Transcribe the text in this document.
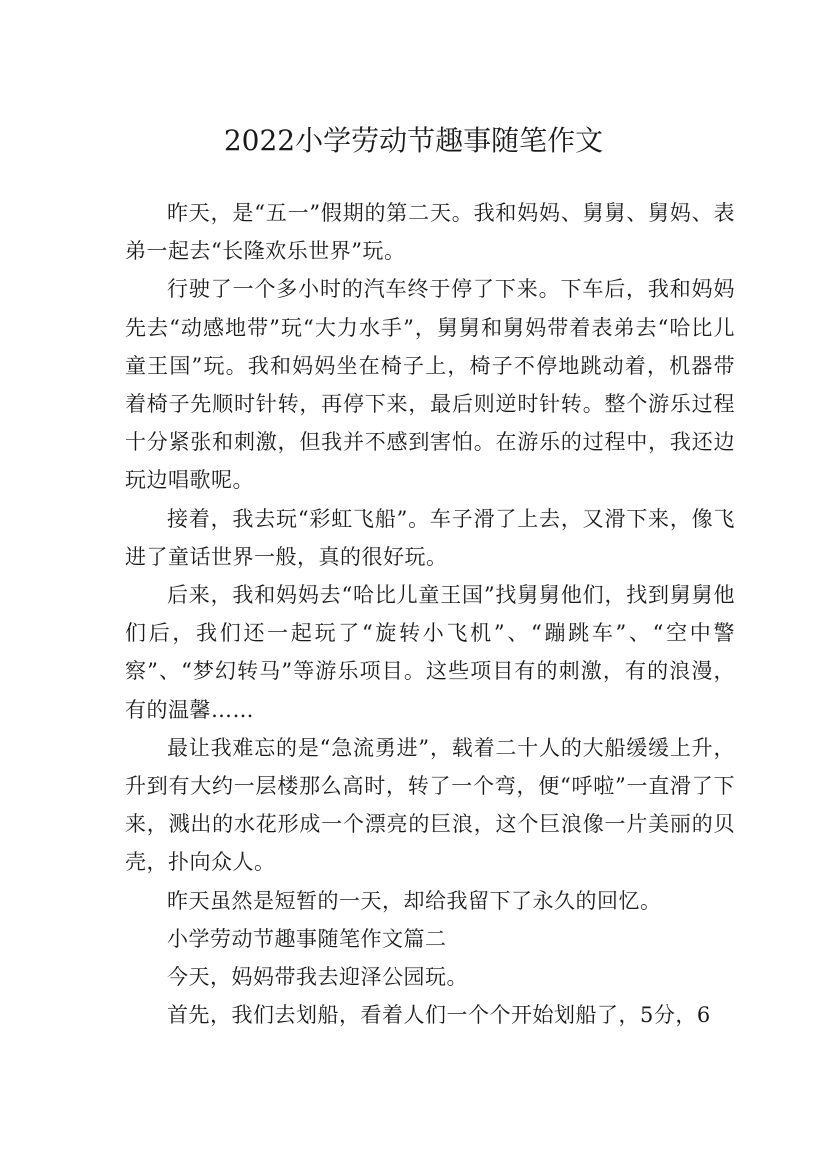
2022小学劳动节趣事随笔作文

昨天，是“五一”假期的第二天。我和妈妈、舅舅、舅妈、表弟一起去“长隆欢乐世界”玩。

行驶了一个多小时的汽车终于停了下来。下车后，我和妈妈先去“动感地带”玩“大力水手”，舅舅和舅妈带着表弟去“哈比儿童王国”玩。我和妈妈坐在椅子上，椅子不停地跳动着，机器带着椅子先顺时针转，再停下来，最后则逆时针转。整个游乐过程十分紧张和刺激，但我并不感到害怕。在游乐的过程中，我还边玩边唱歌呢。

接着，我去玩“彩虹飞船”。车子滑了上去，又滑下来，像飞进了童话世界一般，真的很好玩。

后来，我和妈妈去“哈比儿童王国”找舅舅他们，找到舅舅他们后，我们还一起玩了“旋转小飞机”、“蹦跳车”、“空中警察”、“梦幻转马”等游乐项目。这些项目有的刺激，有的浪漫，有的温馨……

最让我难忘的是“急流勇进”，载着二十人的大船缓缓上升，升到有大约一层楼那么高时，转了一个弯，便“呼啦”一直滑了下来，溅出的水花形成一个漂亮的巨浪，这个巨浪像一片美丽的贝壳，扑向众人。

昨天虽然是短暂的一天，却给我留下了永久的回忆。

小学劳动节趣事随笔作文篇二

今天，妈妈带我去迎泽公园玩。

首先，我们去划船，看着人们一个个开始划船了，5分，6
